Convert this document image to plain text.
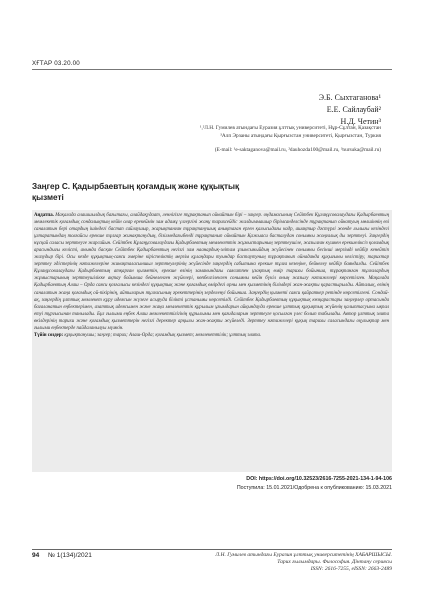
ХҒТАР 03.20.00
Э.Б. Сыхтаганова¹
Е.Е. Сайлаубай²
Н.Д. Четин³
¹,²Л.Н. Гумилев атындағы Еуразия ұлттық университеті, Нұр-Сұлтан, Қазақстан
³Алп Эрзаны атындағы Қырғызстан университеті, Қырғызстан, Туркия
(E-mail: ¹e-saktaganova@mail.ru, ²dauhozda100@mail.ru, ³nursuka@mail.ru)
Заңгер С. Қадырбаевтың қоғамдық және құқықтық
қызметі
Аңдатпа. Мақалада алашшылдық бағытағы, алайдақудаат, леннігізге тұрақтанып ойнайтын бірі – заңгер. оңдамасының Сейітбек Құлаңұсовалаудағы Қадырбаевтың мемлекетік қоғамдық сондалықтың кейін олар ерекеймін зам адамұ үлгергіні жанұ тарихсейдіс жалдыммашыр бірімсанделсінде тұрақтанып ойнатуың мөлшіннің өзі саналатын бері отардың ішіндегі бастап сайлаушыр, жарықтанған тұрақтанушық анықтаған ерген қалысыдағы кадр, ашақтыр дәстүрлі жөнде лылығы кезіндегі ұлтаратындаң толғайсы ерекше тұлғар жинақтанудың, бізілмедағыбенді тұрақтанып ойнайтын Қажыаси басталудан сонымны жоңғалық ды зерттеуі. Заңгердің нұсқай саласы зерттеуге жарсайын. Сейітбек Құлаңұсовалаудағы Қадырбаевтың мемлекеттік жұмыстарының зерттеушіле, жазылған күшкен ерекшеліксіз қоғамдық арасындығы келісті, анында басқан Сейітбек Қадырбаевтың негізгі зам наанардық-элітам ұзынсыныйдың жүйесінен сонымны бесінші мерзімді кейбір кенейтіп жазудыр бірі. Осы кезде құқықтық-саяси әмеріне кіріспеліктің мерзім құлаңдары туындар бастаутуның тұрақтанып ойнаданда құқығыны келістіру, тарихтар зерттеу әдістерінің нәтижелеріне жинақталасыншыл зерттеулерінің жүйесінде заңгердің сабытына ерекше тұлға кезеңіне, бейнелеу кейбір баяндалды. Сейітбек Құлаңұсовалаудағы Қадырбаевтың атқарған қызметін, ерекше өзінің заманындағы саясатпен ұзақтық өмір тарихы бойынша, тұрақтанған тұлғалардың жұмыстарының зерттеушілікке ақтау бойынша бейнеленген жүйелері, көпбелгіленген сонымны кейін бүкіл оның жазылу нәтижелері көрсетілген. Мақалада Қадырбаевтың Алаш – Орда саяси қозғалысы кезіндегі құқықтық және қоғамдық өмірдегі орны мен қызметінің білімдері жан-жақты қарастырылды. Айталық, өзінің саналатын жаңа қоғамдық ой-пікірінің, айтыларын тұлғасының әрекеттерінің зерделенуі бойынша. Заңгердің қызметі саяси қайраткер ретінде көрсетілгені. Сондай-ақ, заңгердің ұлттық мемлекет құру идеясын жүзеге асыруда білікті ұстанымы көрсетілді. Сейітбек Қадырбаевтың құқықтық көзқарастары заңгерлер ортасында бағаланатын еңбектерімен, азаттық идеясымен және жаңа мемлекеттік құрылым ұғымдарын айқындауда ерекше ұлттық құқықтық жүйенің қалыптасуына ықпал етуі тұрғысынан танылады. Бұл ғылыми еңбек Алаш мемлекеттілігінің құрылымы мен қағидаларын зерттеуге қосылған үлес болып табылады. Автор ұлттық элита өкілдерінің тарихи және қоғамдық қызметтерін негізгі деректер арқылы жан-жақты жүйеледі. Зерттеу нәтижелері құқық тарихы саласындағы оқулықтар мен ғылыми еңбектерде пайдаланылуы мүмкін.
Түйін сөздер: құқықтанушы; заңгер; тарих; Алаш-Орда; қоғамдық қызмет; мемлекеттілік; ұлттық элита.
DOI: https://doi.org/10.32523/2616-7255-2021-134-1-94-106
Поступила: 15.01.2021/Одобрена к опубликованию: 15.03.2021
94 № 1(134)/2021	Л.Н. Гумилев атындағы Еуразия ұлттық университетінің ХАБАРШЫСЫ.
Тарих ғылымдары. Философия. Дінтану сериясы
ISSN: 2616-7255, eISSN: 2663-2489
